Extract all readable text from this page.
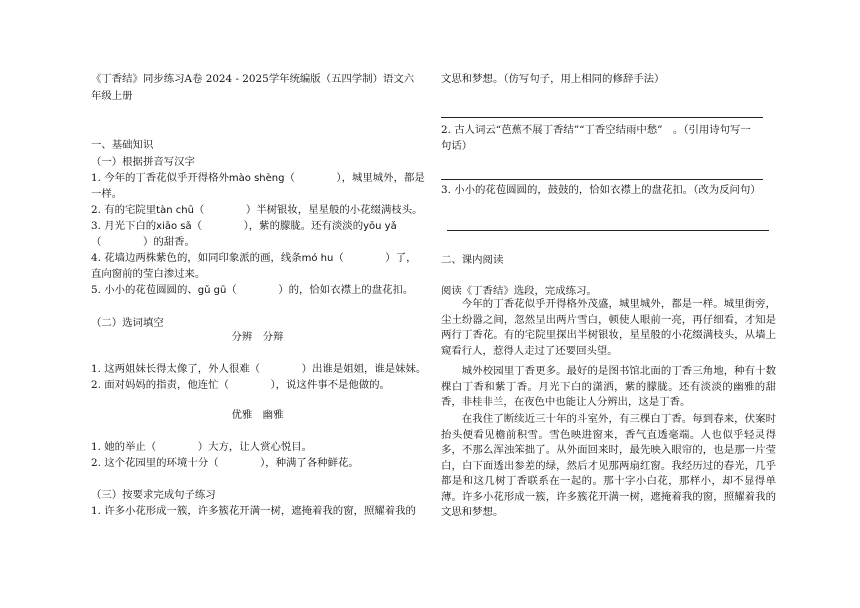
《丁香结》同步练习A卷 2024 - 2025学年统编版（五四学制）语文六
年级上册
一、基础知识
（一）根据拼音写汉字
1. 今年的丁香花似乎开得格外mào shèng（　　　　），城里城外，都是
一样。
2. 有的宅院里tàn chū（　　　　）半树银妆，星星般的小花缀满枝头。
3. 月光下白的xiāo sǎ（　　　　），紫的朦胧。还有淡淡的yōu yǎ
（　　　　）的甜香。
4. 花墙边两株紫色的，如同印象派的画，线条mó hu（　　　　）了，
直向窗前的莹白渗过来。
5. 小小的花苞圆圆的、gǔ gū（　　　　）的，恰如衣襟上的盘花扣。
（二）选词填空
分辨　分辩
1. 这两姐妹长得太像了，外人很难（　　　　）出谁是姐姐，谁是妹妹。
2. 面对妈妈的指责，他连忙（　　　　），说这件事不是他做的。
优雅　幽雅
1. 她的举止（　　　　）大方，让人赏心悦目。
2. 这个花园里的环境十分（　　　　），种满了各种鲜花。
（三）按要求完成句子练习
1. 许多小花形成一簇，许多簇花开满一树，遮掩着我的窗，照耀着我的
文思和梦想。（仿写句子，用上相同的修辞手法）
2. 古人词云“芭蕉不展丁香结”“丁香空结雨中愁”　。（引用诗句写一
句话）
3. 小小的花苞圆圆的，鼓鼓的，恰如衣襟上的盘花扣。（改为反问句）
二、课内阅读
阅读《丁香结》选段，完成练习。
今年的丁香花似乎开得格外茂盛，城里城外，都是一样。城里街旁，尘土纷嚣之间，忽然呈出两片雪白，顿使人眼前一亮，再仔细看，才知是两行丁香花。有的宅院里探出半树银妆，星星般的小花缀满枝头，从墙上窥看行人，惹得人走过了还要回头望。
城外校园里丁香更多。最好的是图书馆北面的丁香三角地，种有十数棵白丁香和紫丁香。月光下白的潇洒，紫的朦胧。还有淡淡的幽雅的甜香，非桂非兰，在夜色中也能让人分辨出，这是丁香。
在我住了断续近三十年的斗室外，有三棵白丁香。每到春来，伏案时抬头便看见檐前积雪。雪色映进窗来，香气直透毫端。人也似乎轻灵得多，不那么浑浊笨拙了。从外面回来时，最先映入眼帘的，也是那一片莹白，白下面透出参差的绿，然后才见那两扇红窗。我经历过的春光，几乎都是和这几树丁香联系在一起的。那十字小白花，那样小，却不显得单薄。许多小花形成一簇，许多簇花开满一树，遮掩着我的窗，照耀着我的文思和梦想。
